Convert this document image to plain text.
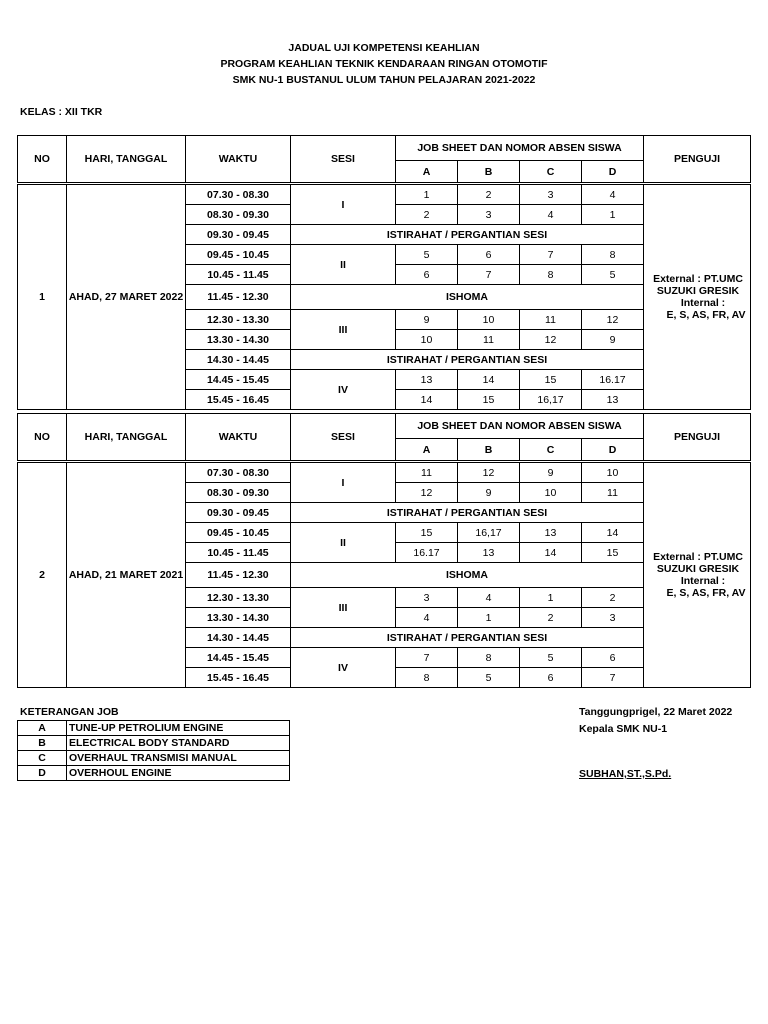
JADUAL UJI KOMPETENSI KEAHLIAN
PROGRAM KEAHLIAN TEKNIK KENDARAAN RINGAN OTOMOTIF
SMK NU-1 BUSTANUL ULUM TAHUN PELAJARAN 2021-2022
KELAS : XII TKR
NO	HARI, TANGGAL	WAKTU	SESI	JOB SHEET DAN NOMOR ABSEN SISWA				PENGUJI
				A	B	C	D	
1	AHAD, 27 MARET 2022	07.30 - 08.30	I	1	2	3	4	External : PT.UMC
SUZUKI GRESIK
Internal :
E, S, AS, FR, AV

		08.30 - 09.30		2	3	4	1	
		09.30 - 09.45	ISTIRAHAT / PERGANTIAN SESI					
		09.45 - 10.45	II	5	6	7	8	
		10.45 - 11.45		6	7	8	5	
		11.45 - 12.30	ISHOMA					
		12.30 - 13.30	III	9	10	11	12	
		13.30 - 14.30		10	11	12	9	
		14.30 - 14.45	ISTIRAHAT / PERGANTIAN SESI					
		14.45 - 15.45	IV	13	14	15	16.17	
		15.45 - 16.45		14	15	16,17	13	
NO	HARI, TANGGAL	WAKTU	SESI	JOB SHEET DAN NOMOR ABSEN SISWA				PENGUJI
				A	B	C	D	
2	AHAD, 21 MARET 2021	07.30 - 08.30	I	11	12	9	10	External : PT.UMC
SUZUKI GRESIK
Internal :
E, S, AS, FR, AV

		08.30 - 09.30		12	9	10	11	
		09.30 - 09.45	ISTIRAHAT / PERGANTIAN SESI					
		09.45 - 10.45	II	15	16,17	13	14	
		10.45 - 11.45		16.17	13	14	15	
		11.45 - 12.30	ISHOMA					
		12.30 - 13.30	III	3	4	1	2	
		13.30 - 14.30		4	1	2	3	
		14.30 - 14.45	ISTIRAHAT / PERGANTIAN SESI					
		14.45 - 15.45	IV	7	8	5	6	
		15.45 - 16.45		8	5	6	7	
KETERANGAN JOB
A	TUNE-UP PETROLIUM ENGINE
B	ELECTRICAL BODY STANDARD
C	OVERHAUL TRANSMISI MANUAL
D	OVERHOUL ENGINE
Tanggungprigel, 22 Maret 2022
Kepala SMK NU-1
SUBHAN,ST.,S.Pd.
